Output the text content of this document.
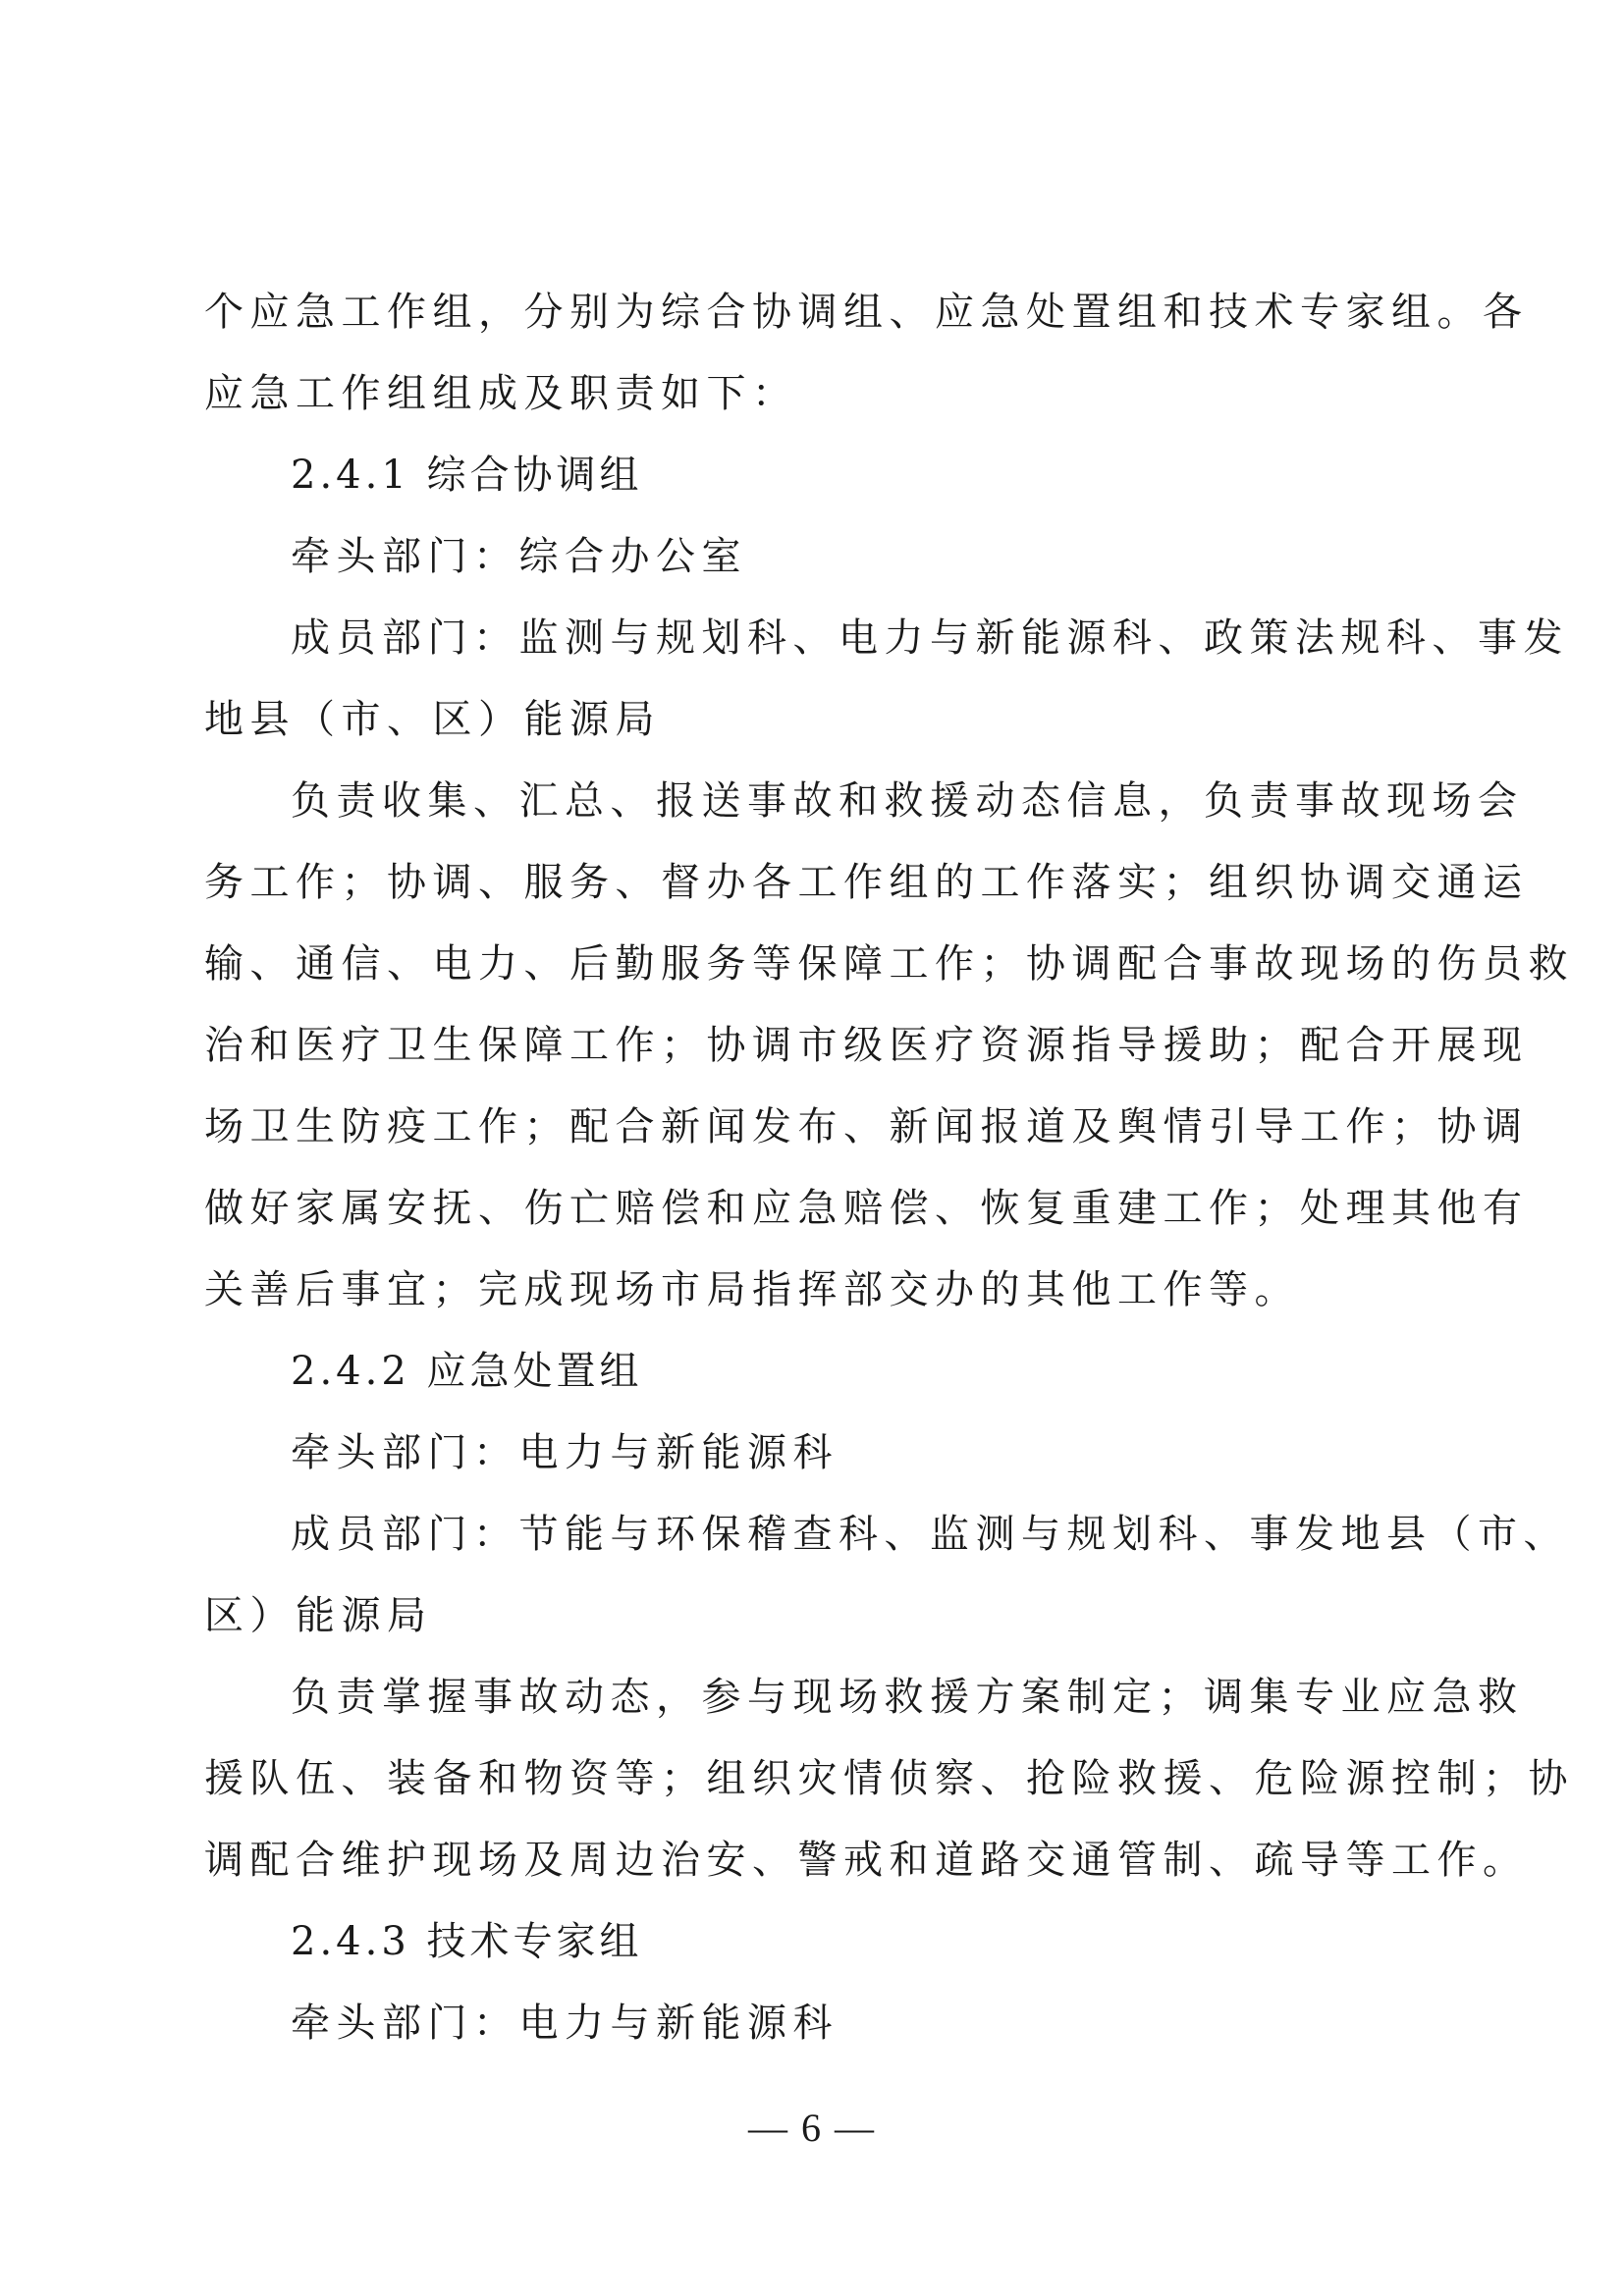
个应急工作组，分别为综合协调组、应急处置组和技术专家组。各
应急工作组组成及职责如下：
2.4.1 综合协调组
牵头部门：综合办公室
成员部门：监测与规划科、电力与新能源科、政策法规科、事发
地县（市、区）能源局
负责收集、汇总、报送事故和救援动态信息，负责事故现场会
务工作；协调、服务、督办各工作组的工作落实；组织协调交通运
输、通信、电力、后勤服务等保障工作；协调配合事故现场的伤员救
治和医疗卫生保障工作；协调市级医疗资源指导援助；配合开展现
场卫生防疫工作；配合新闻发布、新闻报道及舆情引导工作；协调
做好家属安抚、伤亡赔偿和应急赔偿、恢复重建工作；处理其他有
关善后事宜；完成现场市局指挥部交办的其他工作等。
2.4.2 应急处置组
牵头部门：电力与新能源科
成员部门：节能与环保稽查科、监测与规划科、事发地县（市、
区）能源局
负责掌握事故动态，参与现场救援方案制定；调集专业应急救
援队伍、装备和物资等；组织灾情侦察、抢险救援、危险源控制；协
调配合维护现场及周边治安、警戒和道路交通管制、疏导等工作。
2.4.3 技术专家组
牵头部门：电力与新能源科
— 6 —
